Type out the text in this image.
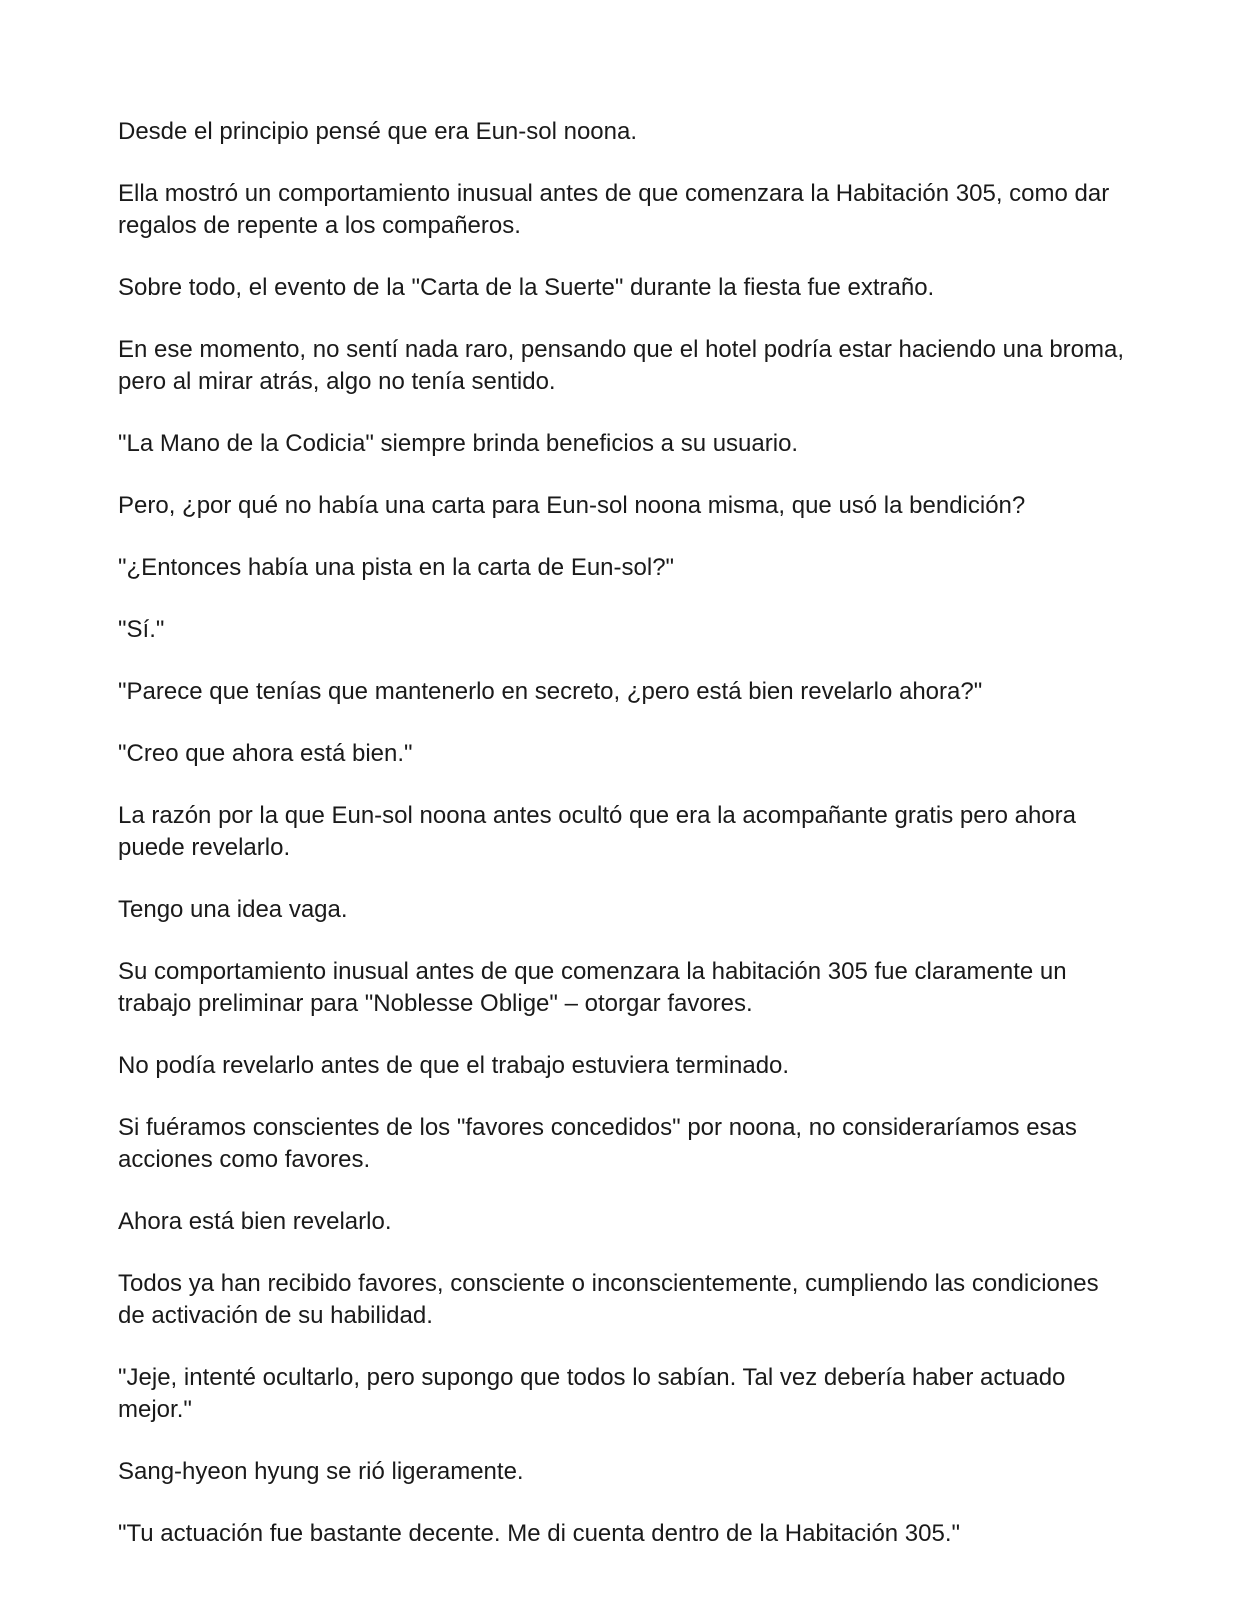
Desde el principio pensé que era Eun-sol noona.

Ella mostró un comportamiento inusual antes de que comenzara la Habitación 305, como dar regalos de repente a los compañeros.

Sobre todo, el evento de la "Carta de la Suerte" durante la fiesta fue extraño.

En ese momento, no sentí nada raro, pensando que el hotel podría estar haciendo una broma, pero al mirar atrás, algo no tenía sentido.

"La Mano de la Codicia" siempre brinda beneficios a su usuario.

Pero, ¿por qué no había una carta para Eun-sol noona misma, que usó la bendición?

"¿Entonces había una pista en la carta de Eun-sol?"

"Sí."

"Parece que tenías que mantenerlo en secreto, ¿pero está bien revelarlo ahora?"

"Creo que ahora está bien."

La razón por la que Eun-sol noona antes ocultó que era la acompañante gratis pero ahora puede revelarlo.

Tengo una idea vaga.

Su comportamiento inusual antes de que comenzara la habitación 305 fue claramente un trabajo preliminar para "Noblesse Oblige" – otorgar favores.

No podía revelarlo antes de que el trabajo estuviera terminado.

Si fuéramos conscientes de los "favores concedidos" por noona, no consideraríamos esas acciones como favores.

Ahora está bien revelarlo.

Todos ya han recibido favores, consciente o inconscientemente, cumpliendo las condiciones de activación de su habilidad.

"Jeje, intenté ocultarlo, pero supongo que todos lo sabían. Tal vez debería haber actuado mejor."

Sang-hyeon hyung se rió ligeramente.

"Tu actuación fue bastante decente. Me di cuenta dentro de la Habitación 305."
